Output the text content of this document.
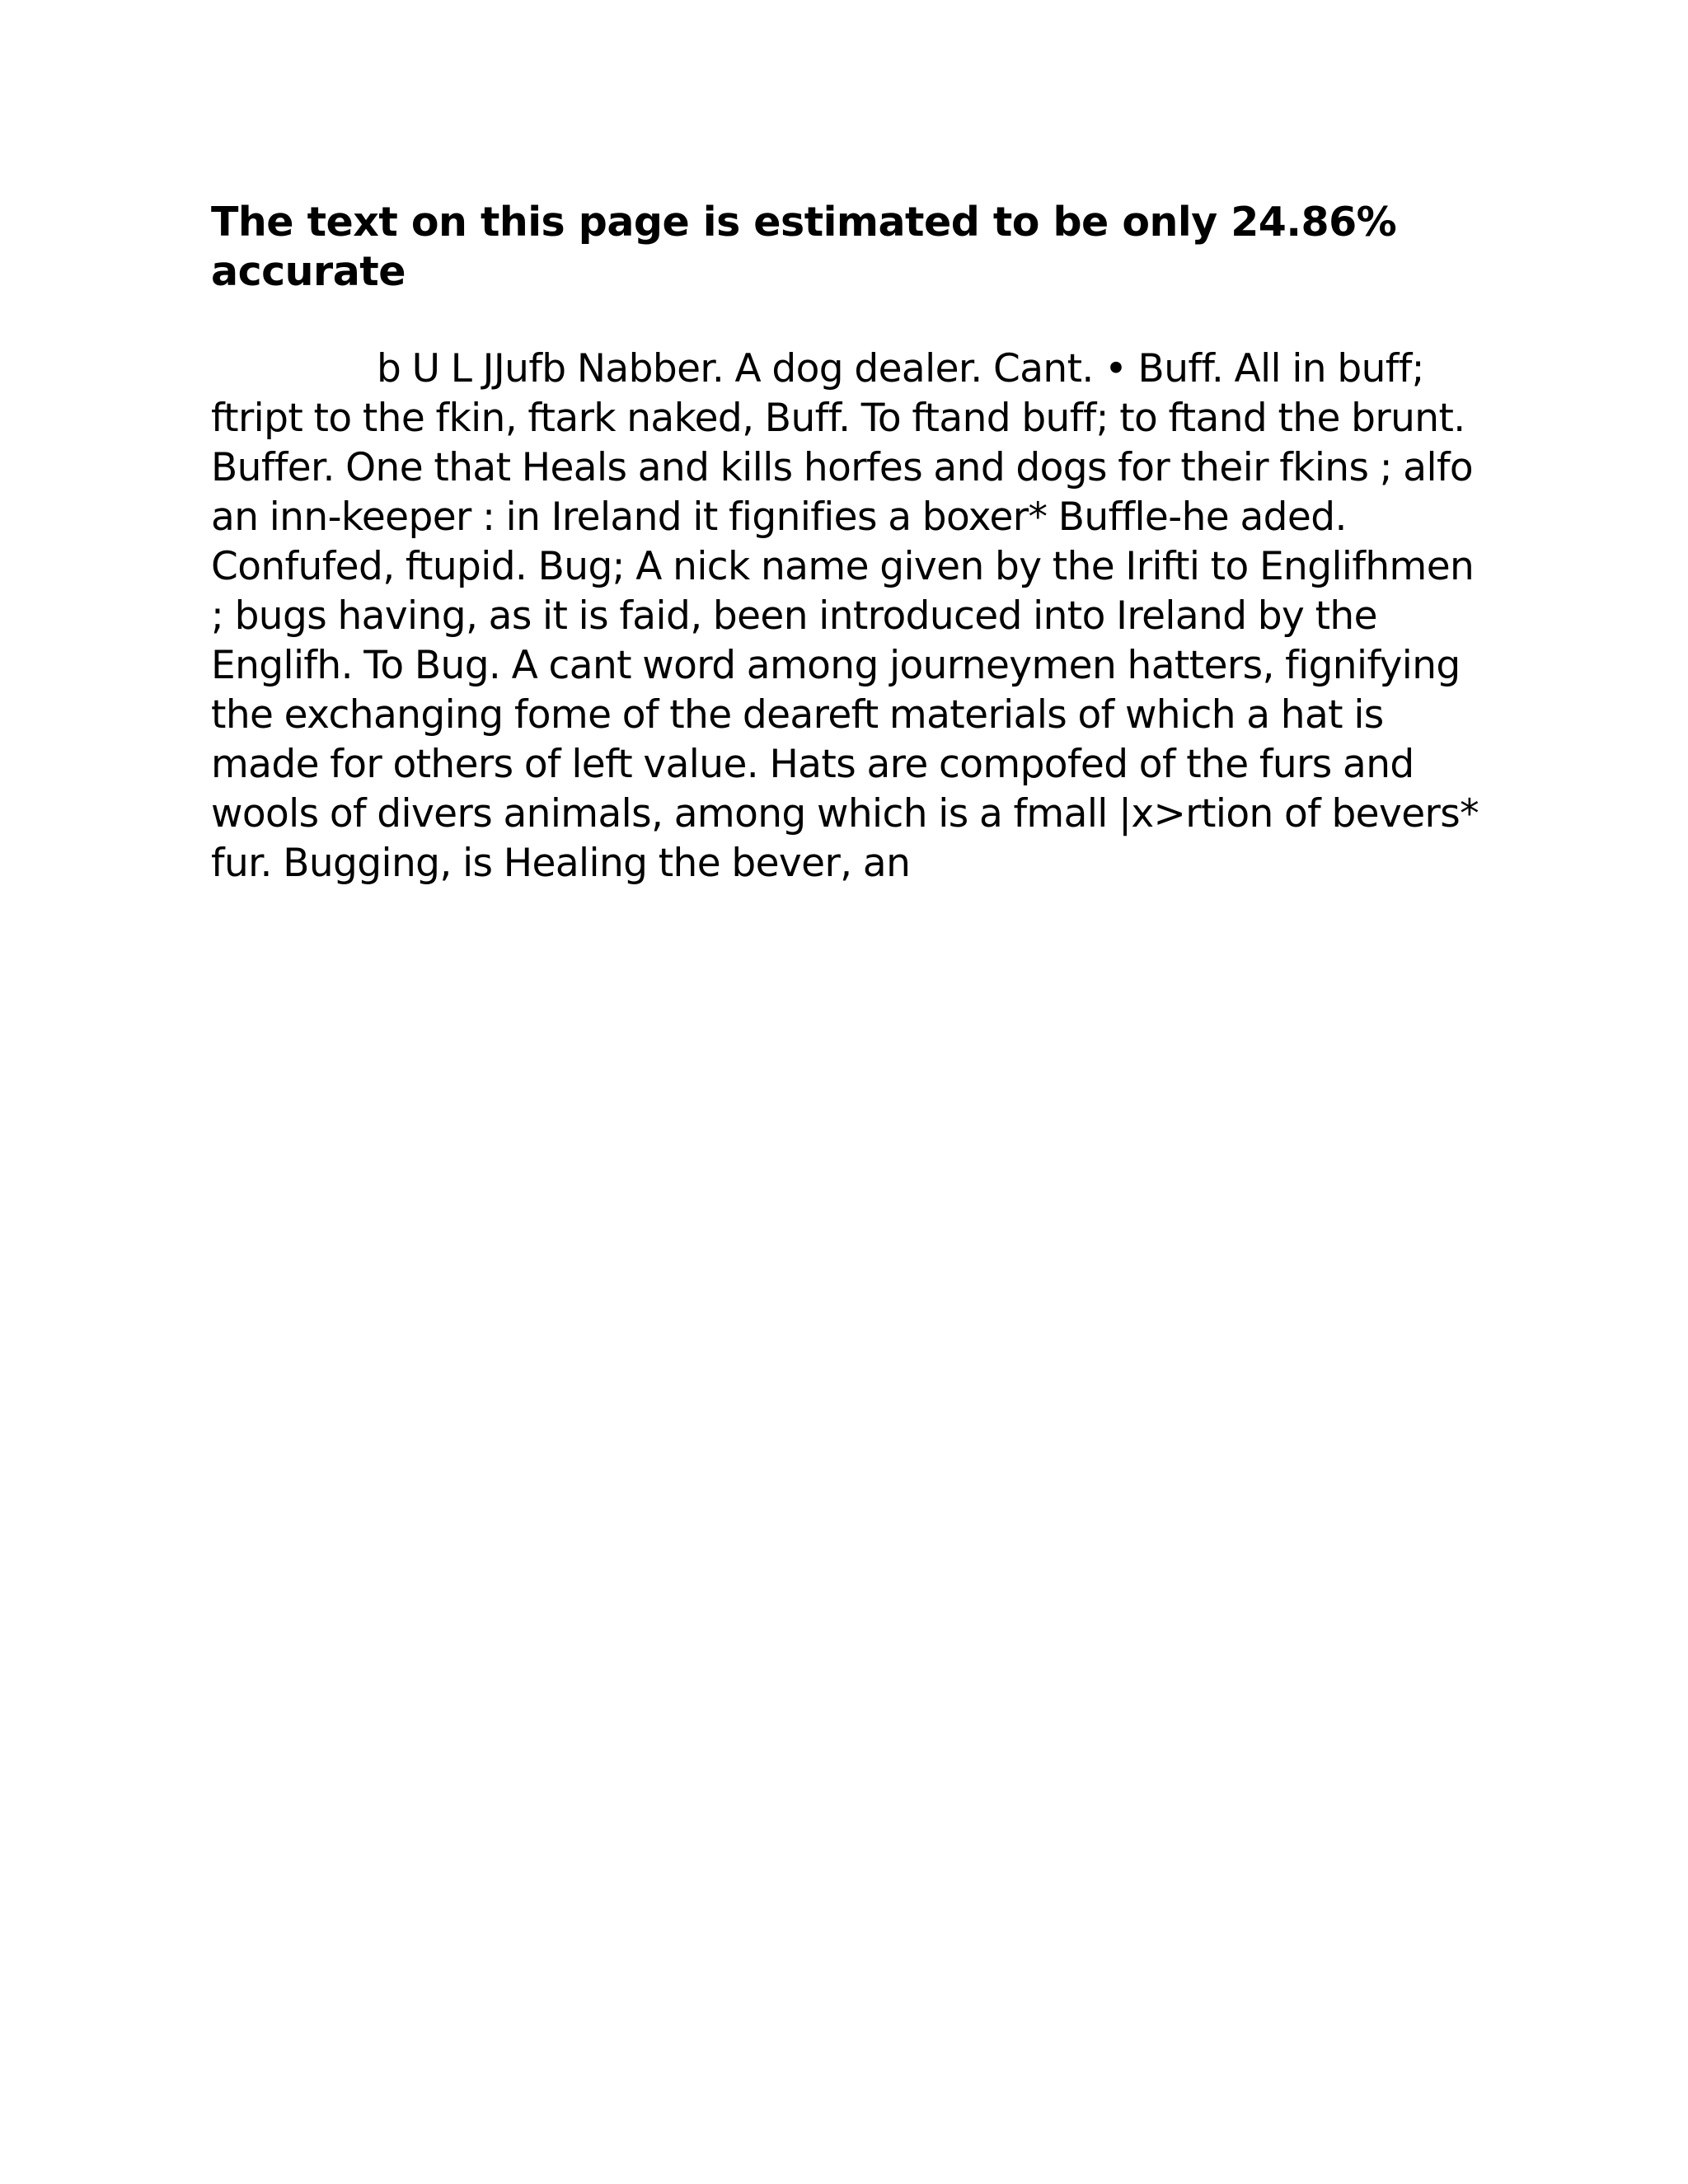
The text on this page is estimated to be only 24.86% accurate

b U L JJufb Nabber. A dog dealer. Cant. • Buff. All in buff; ftript to the fkin, ftark naked, Buff. To ftand buff; to ftand the brunt. Buffer. One that Heals and kills horfes and dogs for their fkins ; alfo an inn-keeper : in Ireland it fignifies a boxer* Buffle-he aded. Confufed, ftupid. Bug; A nick name given by the Irifti to Englifhmen ; bugs having, as it is faid, been introduced into Ireland by the Englifh. To Bug. A cant word among journeymen hatters, fignifying the exchanging fome of the deareft materials of which a hat is made for others of left value. Hats are compofed of the furs and wools of divers animals, among which is a fmall |x>rtion of bevers* fur. Bugging, is Healing the bever, an
